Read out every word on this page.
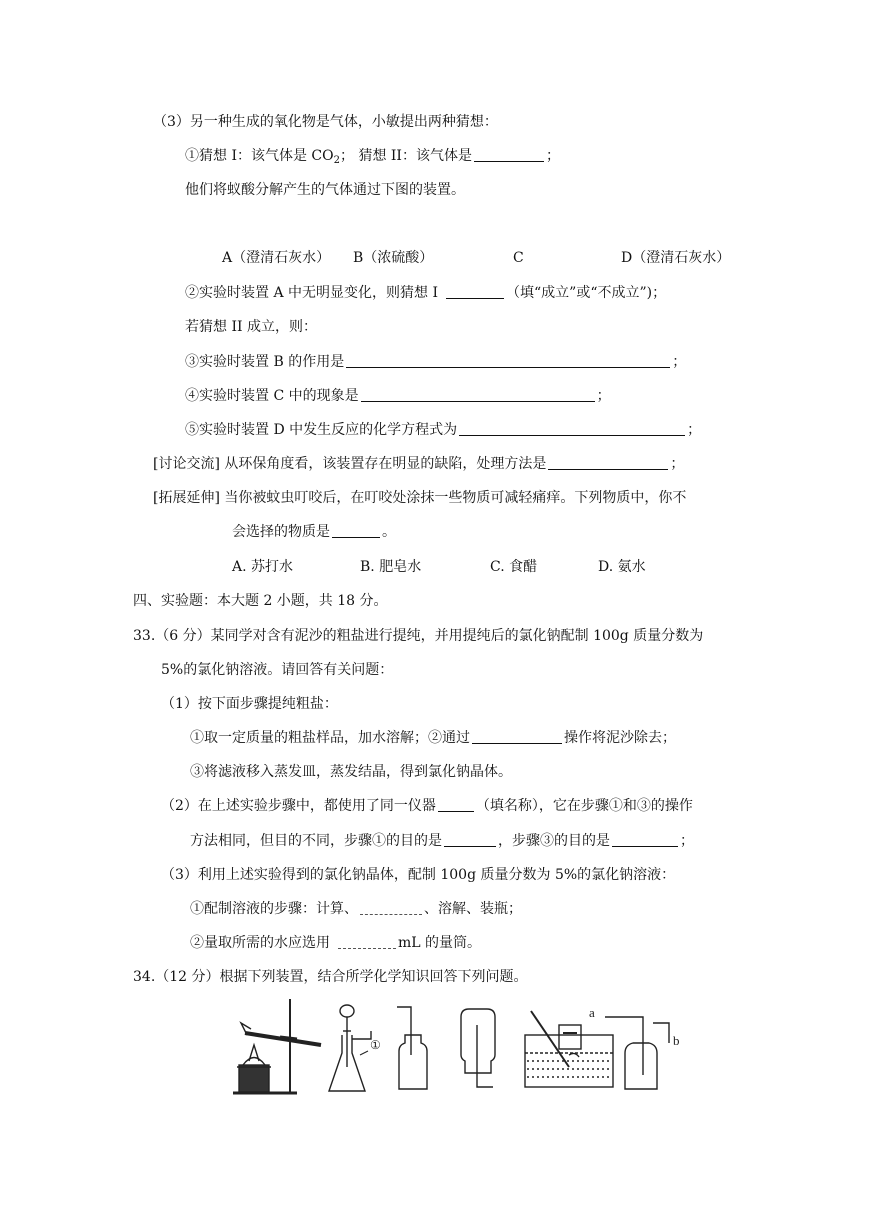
（3）另一种生成的氧化物是气体，小敏提出两种猜想：
①猜想 I：该气体是 $CO_2$； 猜想 II：该气体是	；
他们将蚁酸分解产生的气体通过下图的装置。
A（澄清石灰水） B（浓硫酸）	C	D（澄清石灰水）
②实验时装置 A 中无明显变化，则猜想 I	（填“成立”或“不成立”)；
若猜想 II 成立，则：
③实验时装置 B 的作用是	；
④实验时装置 C 中的现象是	；
⑤实验时装置 D 中发生反应的化学方程式为	；
[讨论交流] 从环保角度看，该装置存在明显的缺陷，处理方法是	；
[拓展延伸] 当你被蚊虫叮咬后，在叮咬处涂抹一些物质可减轻痛痒。下列物质中，你不
会选择的物质是	。
A. 苏打水	B. 肥皂水	C. 食醋	D. 氨水
四、实验题：本大题 2 小题，共 18 分。
33.（6 分）某同学对含有泥沙的粗盐进行提纯，并用提纯后的氯化钠配制 100g 质量分数为
5%的氯化钠溶液。请回答有关问题：
（1）按下面步骤提纯粗盐：
①取一定质量的粗盐样品，加水溶解；②通过	操作将泥沙除去；
③将滤液移入蒸发皿，蒸发结晶，得到氯化钠晶体。
（2）在上述实验步骤中，都使用了同一仪器	（填名称），它在步骤①和③的操作
方法相同，但目的不同，步骤①的目的是	，步骤③的目的是	；
（3）利用上述实验得到的氯化钠晶体，配制 100g 质量分数为 5%的氯化钠溶液：
①配制溶液的步骤：计算、	、溶解、装瓶；
②量取所需的水应选用	mL 的量筒。
34.（12 分）根据下列装置，结合所学化学知识回答下列问题。
①
a
b
